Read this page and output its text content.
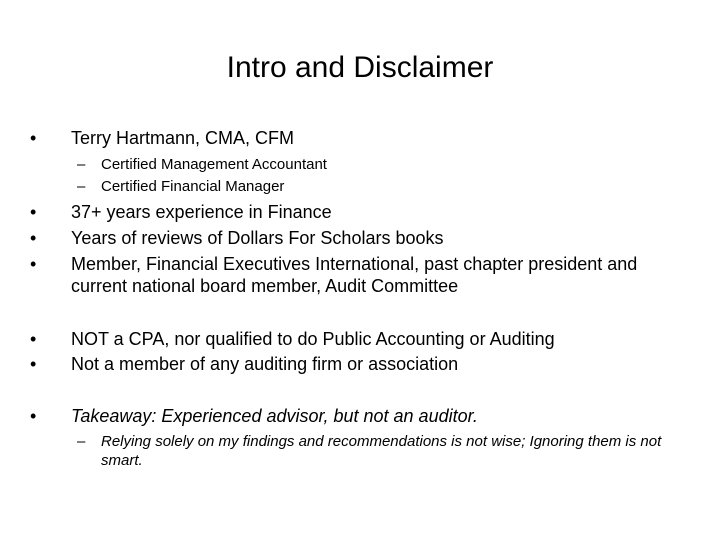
Intro and Disclaimer
•	Terry Hartmann, CMA, CFM
–	Certified Management Accountant
–	Certified Financial Manager
•	37+ years experience in Finance
•	Years of reviews of Dollars For Scholars books
•	Member, Financial Executives International, past chapter president and current national board member, Audit Committee
•	NOT a CPA, nor qualified to do Public Accounting or Auditing
•	Not a member of any auditing firm or association
•	Takeaway: Experienced advisor, but not an auditor.
–	Relying solely on my findings and recommendations is not wise; Ignoring them is not smart.
